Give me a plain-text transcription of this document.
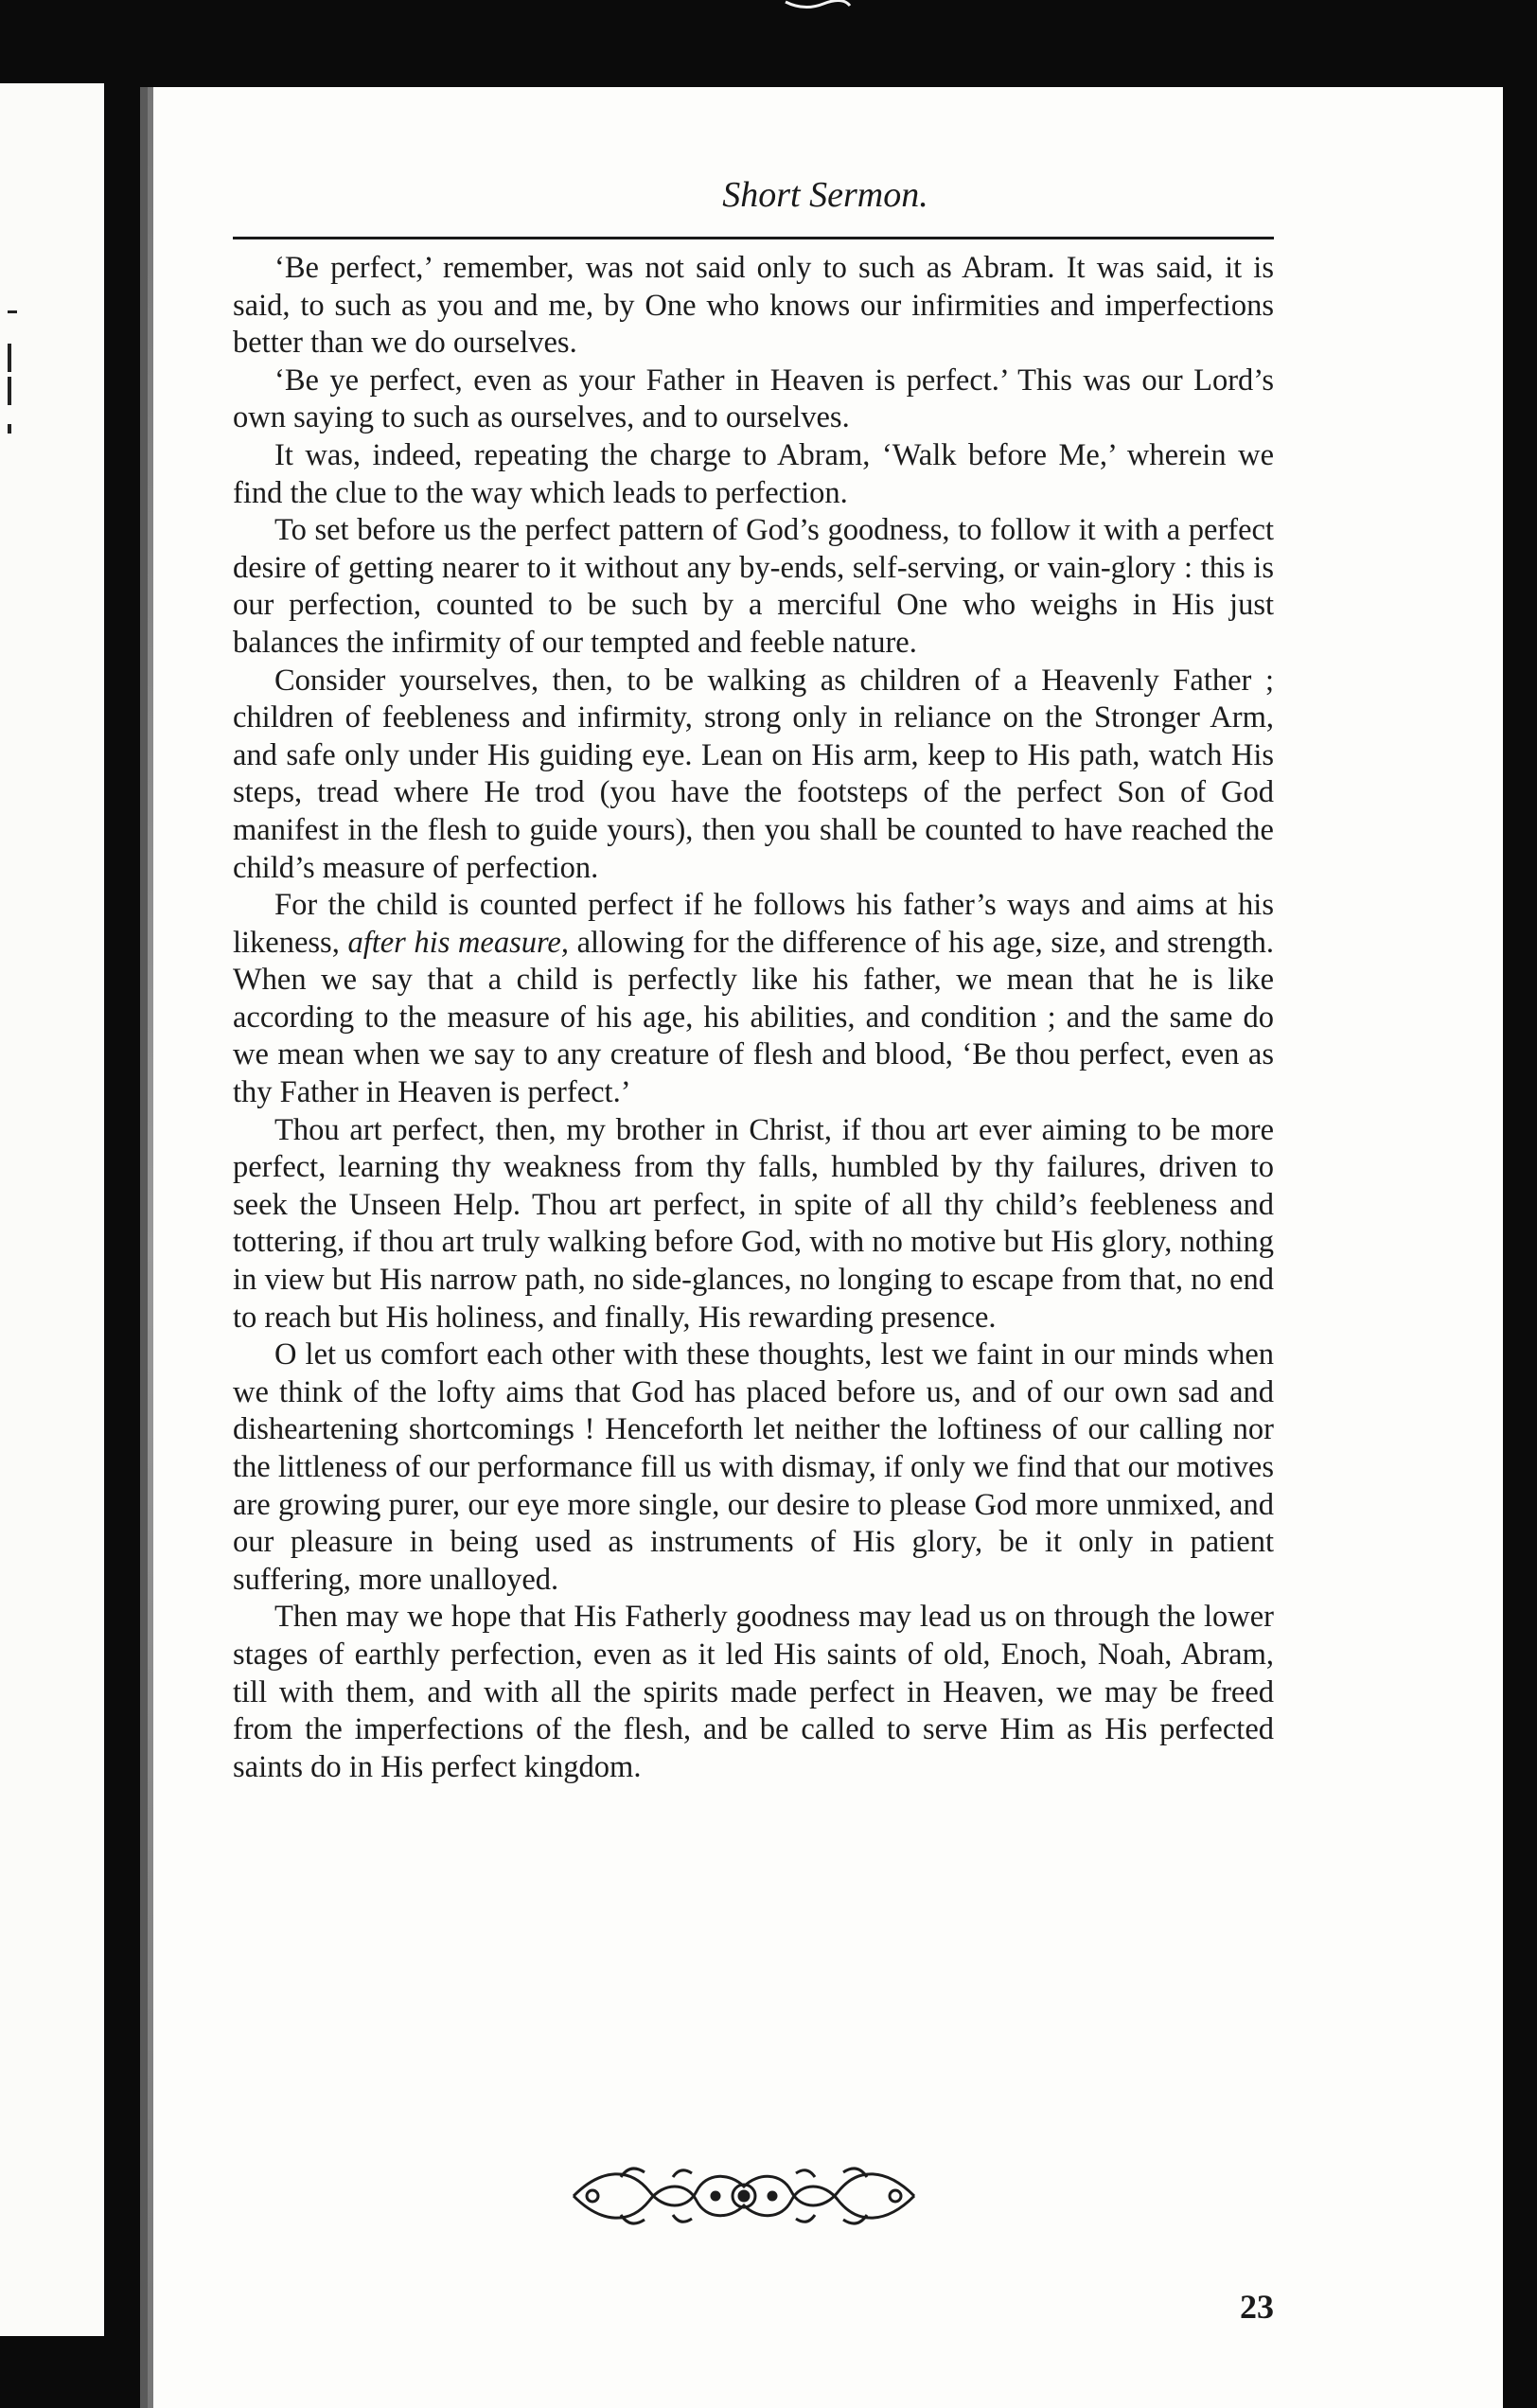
Short Sermon.

‘Be perfect,’ remember, was not said only to such as Abram. It was said, it is said, to such as you and me, by One who knows our infirmities and imperfections better than we do ourselves.

‘Be ye perfect, even as your Father in Heaven is perfect.’ This was our Lord’s own saying to such as ourselves, and to ourselves.

It was, indeed, repeating the charge to Abram, ‘Walk before Me,’ wherein we find the clue to the way which leads to perfection.

To set before us the perfect pattern of God’s goodness, to follow it with a perfect desire of getting nearer to it without any by-ends, self-serving, or vain-glory : this is our perfection, counted to be such by a merciful One who weighs in His just balances the infirmity of our tempted and feeble nature.

Consider yourselves, then, to be walking as children of a Heavenly Father ; children of feebleness and infirmity, strong only in reliance on the Stronger Arm, and safe only under His guiding eye. Lean on His arm, keep to His path, watch His steps, tread where He trod (you have the footsteps of the perfect Son of God manifest in the flesh to guide yours), then you shall be counted to have reached the child’s measure of perfection.

For the child is counted perfect if he follows his father’s ways and aims at his likeness, after his measure, allowing for the difference of his age, size, and strength. When we say that a child is perfectly like his father, we mean that he is like according to the measure of his age, his abilities, and condition ; and the same do we mean when we say to any creature of flesh and blood, ‘Be thou perfect, even as thy Father in Heaven is perfect.’

Thou art perfect, then, my brother in Christ, if thou art ever aiming to be more perfect, learning thy weakness from thy falls, humbled by thy failures, driven to seek the Unseen Help. Thou art perfect, in spite of all thy child’s feebleness and tottering, if thou art truly walking before God, with no motive but His glory, nothing in view but His narrow path, no side-glances, no longing to escape from that, no end to reach but His holiness, and finally, His rewarding presence.

O let us comfort each other with these thoughts, lest we faint in our minds when we think of the lofty aims that God has placed before us, and of our own sad and disheartening shortcomings ! Henceforth let neither the loftiness of our calling nor the littleness of our performance fill us with dismay, if only we find that our motives are growing purer, our eye more single, our desire to please God more unmixed, and our pleasure in being used as instruments of His glory, be it only in patient suffering, more unalloyed.

Then may we hope that His Fatherly goodness may lead us on through the lower stages of earthly perfection, even as it led His saints of old, Enoch, Noah, Abram, till with them, and with all the spirits made perfect in Heaven, we may be freed from the imperfections of the flesh, and be called to serve Him as His perfected saints do in His perfect kingdom.

23
